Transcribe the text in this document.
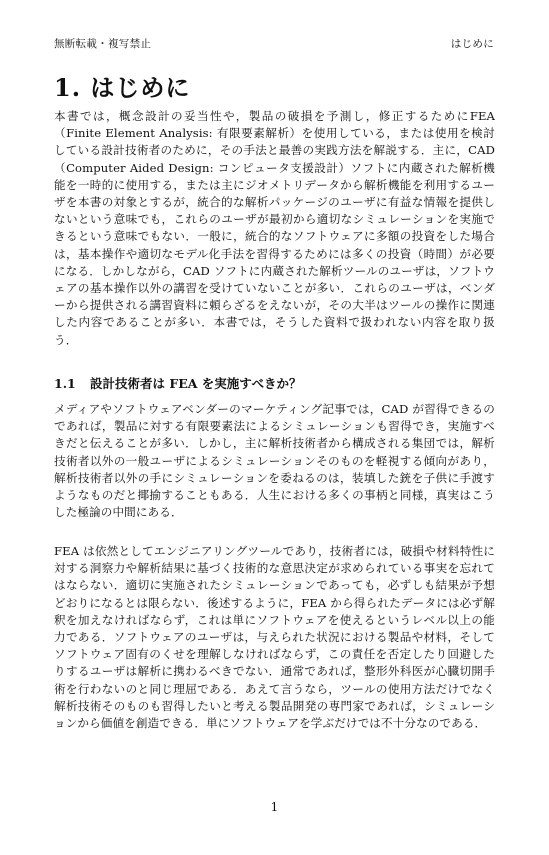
無断転載・複写禁止	はじめに
1. はじめに

本書では，概念設計の妥当性や，製品の破損を予測し，修正するためにFEA（Finite Element Analysis: 有限要素解析）を使用している，または使用を検討している設計技術者のために，その手法と最善の実践方法を解説する．主に，CAD（Computer Aided Design: コンピュータ支援設計）ソフトに内蔵された解析機能を一時的に使用する，または主にジオメトリデータから解析機能を利用するユーザを本書の対象とするが，統合的な解析パッケージのユーザに有益な情報を提供しないという意味でも，これらのユーザが最初から適切なシミュレーションを実施できるという意味でもない．一般に，統合的なソフトウェアに多額の投資をした場合は，基本操作や適切なモデル化手法を習得するためには多くの投資（時間）が必要になる．しかしながら，CAD ソフトに内蔵された解析ツールのユーザは，ソフトウェアの基本操作以外の講習を受けていないことが多い．これらのユーザは，ベンダーから提供される講習資料に頼らざるをえないが，その大半はツールの操作に関連した内容であることが多い．本書では，そうした資料で扱われない内容を取り扱う．

1.1 設計技術者は FEA を実施すべきか？

メディアやソフトウェアベンダーのマーケティング記事では，CAD が習得できるのであれば，製品に対する有限要素法によるシミュレーションも習得でき，実施すべきだと伝えることが多い．しかし，主に解析技術者から構成される集団では，解析技術者以外の一般ユーザによるシミュレーションそのものを軽視する傾向があり，解析技術者以外の手にシミュレーションを委ねるのは，装填した銃を子供に手渡すようなものだと揶揄することもある．人生における多くの事柄と同様，真実はこうした極論の中間にある．

FEA は依然としてエンジニアリングツールであり，技術者には，破損や材料特性に対する洞察力や解析結果に基づく技術的な意思決定が求められている事実を忘れてはならない．適切に実施されたシミュレーションであっても，必ずしも結果が予想どおりになるとは限らない．後述するように，FEA から得られたデータには必ず解釈を加えなければならず，これは単にソフトウェアを使えるというレベル以上の能力である．ソフトウェアのユーザは，与えられた状況における製品や材料，そしてソフトウェア固有のくせを理解しなければならず，この責任を否定したり回避したりするユーザは解析に携わるべきでない．通常であれば，整形外科医が心臓切開手術を行わないのと同じ理屈である．あえて言うなら，ツールの使用方法だけでなく解析技術そのものも習得したいと考える製品開発の専門家であれば，シミュレーションから価値を創造できる．単にソフトウェアを学ぶだけでは不十分なのである．

1
